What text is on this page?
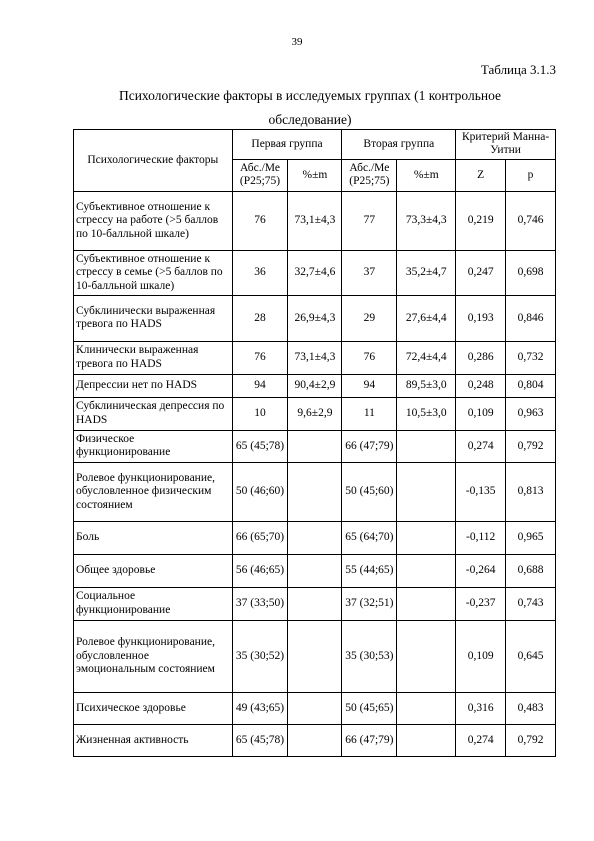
39
Таблица 3.1.3
Психологические факторы в исследуемых группах (1 контрольное обследование)
Психологические факторы	Первая группа		Вторая группа		Критерий Манна-Уитни	
	Абс./Ме (P25;75)	%±m	Абс./Ме (P25;75)	%±m	Z	p
Субъективное отношение к стрессу на работе (>5 баллов по 10-балльной шкале)	76	73,1±4,3	77	73,3±4,3	0,219	0,746
Субъективное отношение к стрессу в семье (>5 баллов по 10-балльной шкале)	36	32,7±4,6	37	35,2±4,7	0,247	0,698
Субклинически выраженная тревога по HADS	28	26,9±4,3	29	27,6±4,4	0,193	0,846
Клинически выраженная тревога по HADS	76	73,1±4,3	76	72,4±4,4	0,286	0,732
Депрессии нет по HADS	94	90,4±2,9	94	89,5±3,0	0,248	0,804
Субклиническая депрессия по HADS	10	9,6±2,9	11	10,5±3,0	0,109	0,963
Физическое функционирование	65 (45;78)		66 (47;79)		0,274	0,792
Ролевое функционирование, обусловленное физическим состоянием	50 (46;60)		50 (45;60)		-0,135	0,813
Боль	66 (65;70)		65 (64;70)		-0,112	0,965
Общее здоровье	56 (46;65)		55 (44;65)		-0,264	0,688
Социальное функционирование	37 (33;50)		37 (32;51)		-0,237	0,743
Ролевое функционирование, обусловленное эмоциональным состоянием	35 (30;52)		35 (30;53)		0,109	0,645
Психическое здоровье	49 (43;65)		50 (45;65)		0,316	0,483
Жизненная активность	65 (45;78)		66 (47;79)		0,274	0,792
